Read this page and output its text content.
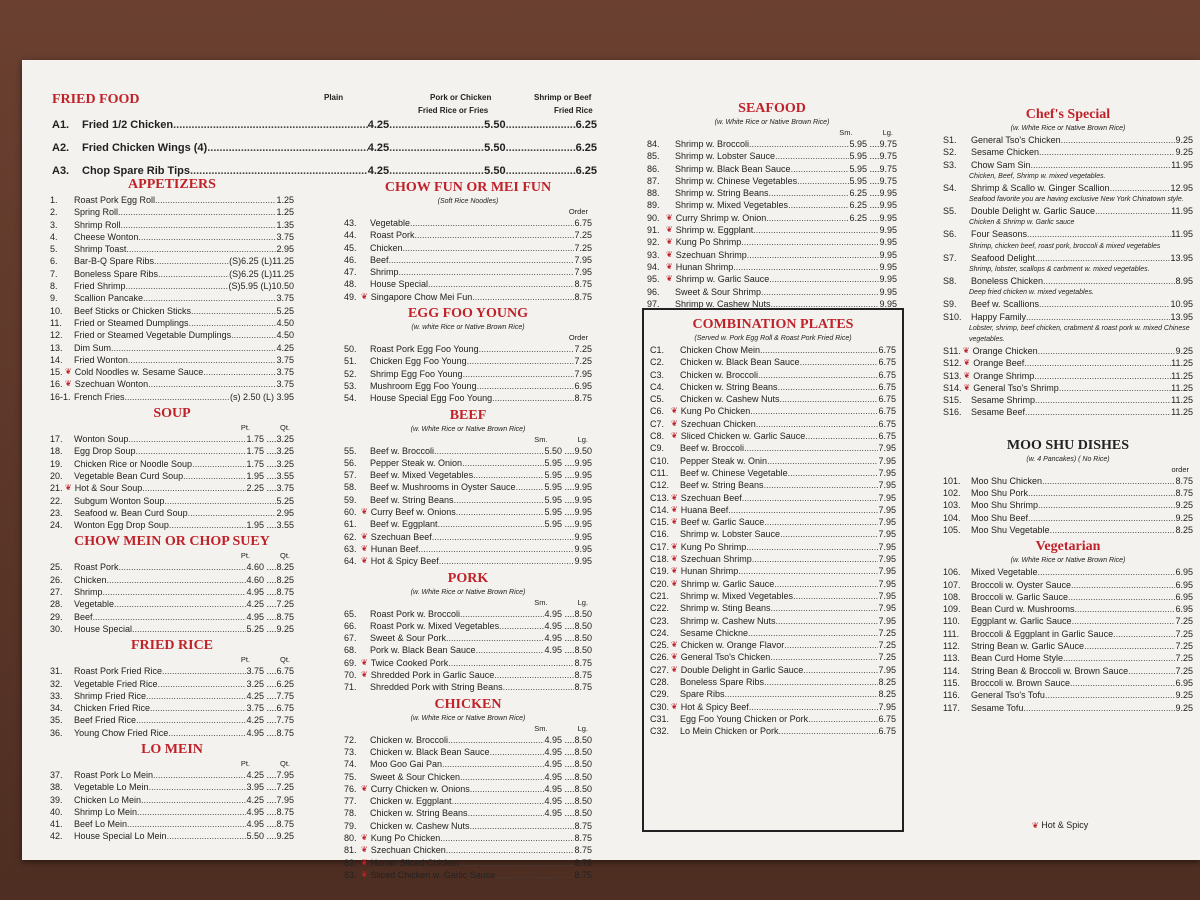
FRIED FOOD	Plain	Pork or Chicken
Fried Rice or Fries
Shrimp or Beef
Fried Rice
A1.	Fried 1/2 Chicken .....	4.25 .....	5.50 .....	6.25
A2.	Fried Chicken Wings (4) .....	4.25 .....	5.50 .....	6.25
A3.	Chop Spare Rib Tips .....	4.25 .....	5.50 .....	6.25
APPETIZERS
1.	Roast Pork Egg Roll .....	1.25
2.	Spring Roll .....	1.25
3.	Shrimp Roll .....	1.35
4.	Cheese Wonton .....	3.75
5.	Shrimp Toast .....	2.95
6.	Bar-B-Q Spare Ribs .....	(S)6.25 (L)11.25
7.	Boneless Spare Ribs .....	(S)6.25 (L)11.25
8.	Fried Shrimp .....	(S)5.95 (L)10.50
9.	Scallion Pancake .....	3.75
10.	Beef Sticks or Chicken Sticks .....	5.25
11.	Fried or Steamed Dumplings .....	4.50
12.	Fried or Steamed Vegetable Dumplings .....	4.50
13.	Dim Sum .....	4.25
14.	Fried Wonton .....	3.75
15. ❦ Cold Noodles w. Sesame Sauce .....	3.75
16. ❦ Szechuan Wonton .....	3.75
16-1. French Fries .....	(s) 2.50 (L) 3.95
SOUP
Pt.	Qt.
17.	Wonton Soup .....	1.75 ....3.25
18.	Egg Drop Soup .....	1.75 ....3.25
19.	Chicken Rice or Noodle Soup .....	1.75 ....3.25
20.	Vegetable Bean Curd Soup .....	1.95 ....3.55
21. ❦ Hot & Sour Soup .....	2.25 ....3.75
22.	Subgum Wonton Soup .....	5.25
23.	Seafood w. Bean Curd Soup .....	2.95
24.	Wonton Egg Drop Soup .....	1.95 ....3.55
CHOW MEIN OR CHOP SUEY
Pt.	Qt.
25.	Roast Pork .....	4.60 ....8.25
26.	Chicken .....	4.60 ....8.25
27.	Shrimp .....	4.95 ....8.75
28.	Vegetable .....	4.25 ....7.25
29.	Beef .....	4.95 ....8.75
30.	House Special .....	5.25 ....9.25
FRIED RICE
Pt.	Qt.
31.	Roast Pork Fried Rice .....	3.75 ....6.75
32.	Vegetable Fried Rice .....	3.25 ....6.25
33.	Shrimp Fried Rice .....	4.25 ....7.75
34.	Chicken Fried Rice .....	3.75 ....6.75
35.	Beef Fried Rice .....	4.25 ....7.75
36.	Young Chow Fried Rice .....	4.95 ....8.75
LO MEIN
Pt.	Qt.
37.	Roast Pork Lo Mein .....	4.25 ....7.95
38.	Vegetable Lo Mein .....	3.95 ....7.25
39.	Chicken Lo Mein .....	4.25 ....7.95
40.	Shrimp Lo Mein .....	4.95 ....8.75
41.	Beef Lo Mein .....	4.95 ....8.75
42.	House Special Lo Mein .....	5.50 ....9.25
CHOW FUN OR MEI FUN
(Soft Rice Noodles)
Order
43.	Vegetable .....	6.75
44.	Roast Pork .....	7.25
45.	Chicken .....	7.25
46.	Beef .....	7.95
47.	Shrimp .....	7.95
48.	House Special .....	8.75
49. ❦ Singapore Chow Mei Fun .....	8.75
EGG FOO YOUNG
(w. white Rice or Native Brown Rice)
Order
50.	Roast Pork Egg Foo Young .....	7.25
51.	Chicken Egg Foo Young .....	7.25
52.	Shrimp Egg Foo Young .....	7.95
53.	Mushroom Egg Foo Young .....	6.95
54.	House Special Egg Foo Young .....	8.75
BEEF
(w. White Rice or Native Brown Rice)
Sm.	Lg.
55.	Beef w. Broccoli .....	5.50 ....9.50
56.	Pepper Steak w. Onion .....	5.95 ....9.95
57.	Beef w. Mixed Vegetables .....	5.95 ....9.95
58.	Beef w. Mushrooms in Oyster Sauce .....	5.95 ....9.95
59.	Beef w. String Beans .....	5.95 ....9.95
60. ❦ Curry Beef w. Onions .....	5.95 ....9.95
61.	Beef w. Eggplant .....	5.95 ....9.95
62. ❦ Szechuan Beef .....	9.95
63. ❦ Hunan Beef .....	9.95
64. ❦ Hot & Spicy Beef .....	9.95
PORK
(w. White Rice or Native Brown Rice)
Sm.	Lg.
65.	Roast Pork w. Broccoli .....	4.95 ....8.50
66.	Roast Pork w. Mixed Vegetables .....	4.95 ....8.50
67.	Sweet & Sour Pork .....	4.95 ....8.50
68.	Pork w. Black Bean Sauce .....	4.95 ....8.50
69. ❦ Twice Cooked Pork .....	8.75
70. ❦ Shredded Pork in Garlic Sauce .....	8.75
71.	Shredded Pork with String Beans .....	8.75
CHICKEN
(w. White Rice or Native Brown Rice)
Sm.	Lg.
72.	Chicken w. Broccoli .....	4.95 ....8.50
73.	Chicken w. Black Bean Sauce .....	4.95 ....8.50
74.	Moo Goo Gai Pan .....	4.95 ....8.50
75.	Sweet & Sour Chicken .....	4.95 ....8.50
76. ❦ Curry Chicken w. Onions .....	4.95 ....8.50
77.	Chicken w. Eggplant .....	4.95 ....8.50
78.	Chicken w. String Beans .....	4.95 ....8.50
79.	Chicken w. Cashew Nuts .....	8.75
80. ❦ Kung Po Chicken .....	8.75
81. ❦ Szechuan Chicken .....	8.75
82. ❦ Hunan Sliced Chicken .....	8.75
83. ❦ Sliced Chicken w. Garlic Sauce .....	8.75
SEAFOOD
(w. White Rice or Native Brown Rice)
Sm.	Lg.
84.	Shrimp w. Broccoli .....	5.95 ....9.75
85.	Shrimp w. Lobster Sauce .....	5.95 ....9.75
86.	Shrimp w. Black Bean Sauce .....	5.95 ....9.75
87.	Shrimp w. Chinese Vegetables .....	5.95 ....9.75
88.	Shrimp w. String Beans .....	6.25 ....9.95
89.	Shrimp w. Mixed Vegetables .....	6.25 ....9.95
90. ❦ Curry Shrimp w. Onion .....	6.25 ....9.95
91. ❦ Shrimp w. Eggplant .....	9.95
92. ❦ Kung Po Shrimp .....	9.95
93. ❦ Szechuan Shrimp .....	9.95
94. ❦ Hunan Shrimp .....	9.95
95. ❦ Shrimp w. Garlic Sauce .....	9.95
96.	Sweet & Sour Shrimp .....	9.95
97.	Shrimp w. Cashew Nuts .....	9.95
COMBINATION PLATES
(Served w. Pork Egg Roll & Roast Pork Fried Rice)
C1.	Chicken Chow Mein .....	6.75
C2.	Chicken w. Black Bean Sauce .....	6.75
C3.	Chicken w. Broccoli .....	6.75
C4.	Chicken w. String Beans .....	6.75
C5.	Chicken w. Cashew Nuts .....	6.75
C6. ❦ Kung Po Chicken .....	6.75
C7. ❦ Szechuan Chicken .....	6.75
C8. ❦ Sliced Chicken w. Garlic Sauce .....	6.75
C9.	Beef w. Broccoli .....	7.95
C10.	Pepper Steak w. Onin .....	7.95
C11.	Beef w. Chinese Vegetable .....	7.95
C12.	Beef w. String Beans .....	7.95
C13. ❦ Szechuan Beef .....	7.95
C14. ❦ Huana Beef .....	7.95
C15. ❦ Beef w. Garlic Sauce .....	7.95
C16.	Shrimp w. Lobster Sauce .....	7.95
C17. ❦ Kung Po Shrimp .....	7.95
C18. ❦ Szechuan Shrimp .....	7.95
C19. ❦ Hunan Shrimp .....	7.95
C20. ❦ Shrimp w. Garlic Sauce .....	7.95
C21.	Shrimp w. Mixed Vegetables .....	7.95
C22.	Shrimp w. Sting Beans .....	7.95
C23.	Shrimp w. Cashew Nuts .....	7.95
C24.	Sesame Chickne .....	7.25
C25. ❦ Chicken w. Orange Flavor .....	7.25
C26. ❦ General Tso's Chicken .....	7.25
C27. ❦ Double Delight in Garlic Sauce .....	7.95
C28.	Boneless Spare Ribs .....	8.25
C29.	Spare Ribs .....	8.25
C30. ❦ Hot & Spicy Beef .....	7.95
C31.	Egg Foo Young Chicken or Pork .....	6.75
C32.	Lo Mein Chicken or Pork .....	6.75
Chef's Special
(w. White Rice or Native Brown Rice)
S1.	General Tso's Chicken .....	9.25
S2.	Sesame Chicken .....	9.25
S3.	Chow Sam Sin .....	11.95
Chicken, Beef, Shrimp w. mixed vegetables.
S4.	Shrimp & Scallo w. Ginger Scallion .....	12.95
Seafood favorite you are having exclusive New York Chinatown style.
S5.	Double Delight w. Garlic Sauce .....	11.95
Chicken & Shrimp w. Garlic sauce
S6.	Four Seasons .....	11.95
Shrimp, chicken beef, roast pork, broccoli & mixed vegetables
S7.	Seafood Delight .....	13.95
Shrimp, lobster, scallops & carbment w. mixed vegetables.
S8.	Boneless Chicken .....	8.95
Deep fried chicken w. mixed vegetables.
S9.	Beef w. Scallions .....	10.95
S10.	Happy Family .....	13.95
Lobster, shrimp, beef chicken, crabment & roast pork w. mixed Chinese vegetables.
S11. ❦ Orange Chicken .....	9.25
S12. ❦ Orange Beef .....	11.25
S13. ❦ Orange Shrimp .....	11.25
S14. ❦ General Tso's Shrimp .....	11.25
S15.	Sesame Shrimp .....	11.25
S16.	Sesame Beef .....	11.25
MOO SHU DISHES
(w. 4 Pancakes) ( No Rice)
order
101.	Moo Shu Chicken .....	8.75
102.	Moo Shu Pork .....	8.75
103.	Moo Shu Shrimp .....	9.25
104.	Moo Shu Beef .....	9.25
105.	Moo Shu Vegetable .....	8.25
Vegetarian
(w. White Rice or Native Brown Rice)
106.	Mixed Vegetable .....	6.95
107.	Broccoli w. Oyster Sauce .....	6.95
108.	Broccoli w. Garlic Sauce .....	6.95
109.	Bean Curd w. Mushrooms .....	6.95
110.	Eggplant w. Garlic Sauce .....	7.25
111.	Broccoli & Eggplant in Garlic Sauce .....	7.25
112.	String Bean w. Garlic SAuce .....	7.25
113.	Bean Curd Home Style .....	7.25
114.	String Bean & Broccoli w. Brown Sauce .....	7.25
115.	Broccoli w. Brown Sauce .....	6.95
116.	General Tso's Tofu .....	9.25
117.	Sesame Tofu .....	9.25
❦ Hot & Spicy
